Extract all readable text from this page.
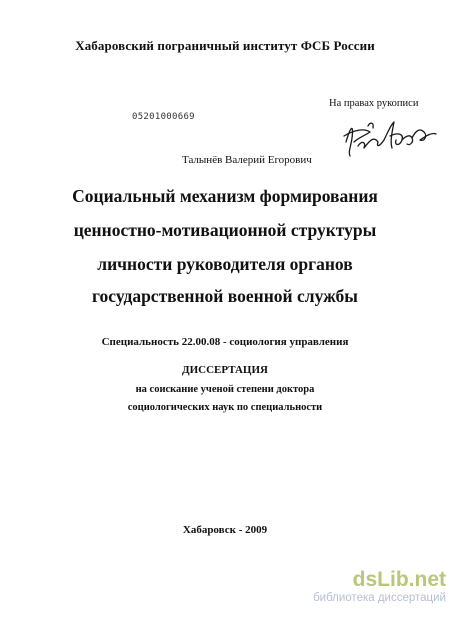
Хабаровский пограничный институт ФСБ России
05201000669
На правах рукописи
Талынёв Валерий Егорович
Социальный механизм формирования
ценностно-мотивационной структуры
личности руководителя органов
государственной военной службы
Специальность 22.00.08 - социология управления
ДИССЕРТАЦИЯ
на соискание ученой степени доктора
социологических наук по специальности
Хабаровск - 2009
dsLib.net
библиотека диссертаций
